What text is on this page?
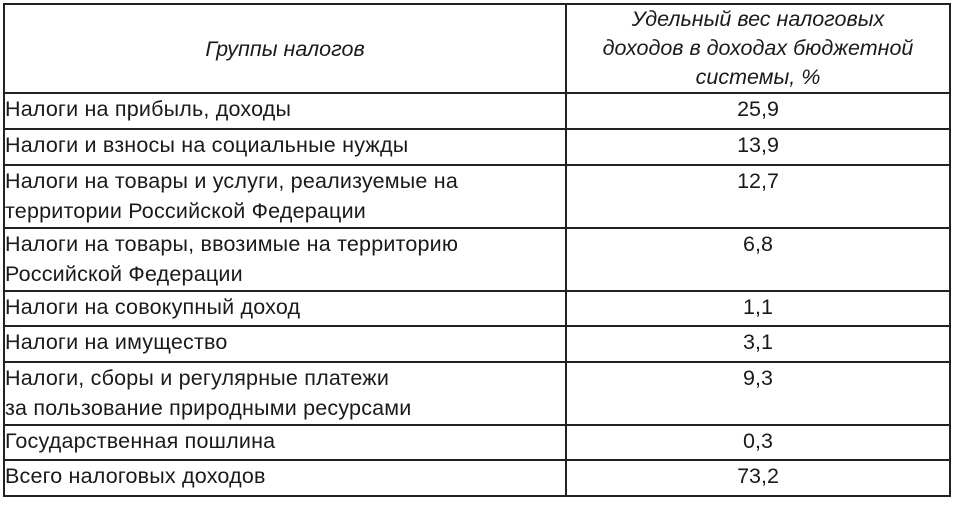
Группы налогов	Удельный вес налоговых
доходов в доходах бюджетной
системы, %
Налоги на прибыль, доходы	25,9
Налоги и взносы на социальные нужды	13,9
Налоги на товары и услуги, реализуемые на
территории Российской Федерации	12,7
Налоги на товары, ввозимые на территорию
Российской Федерации	6,8
Налоги на совокупный доход	1,1
Налоги на имущество	3,1
Налоги, сборы и регулярные платежи
за пользование природными ресурсами	9,3
Государственная пошлина	0,3
Всего налоговых доходов	73,2
